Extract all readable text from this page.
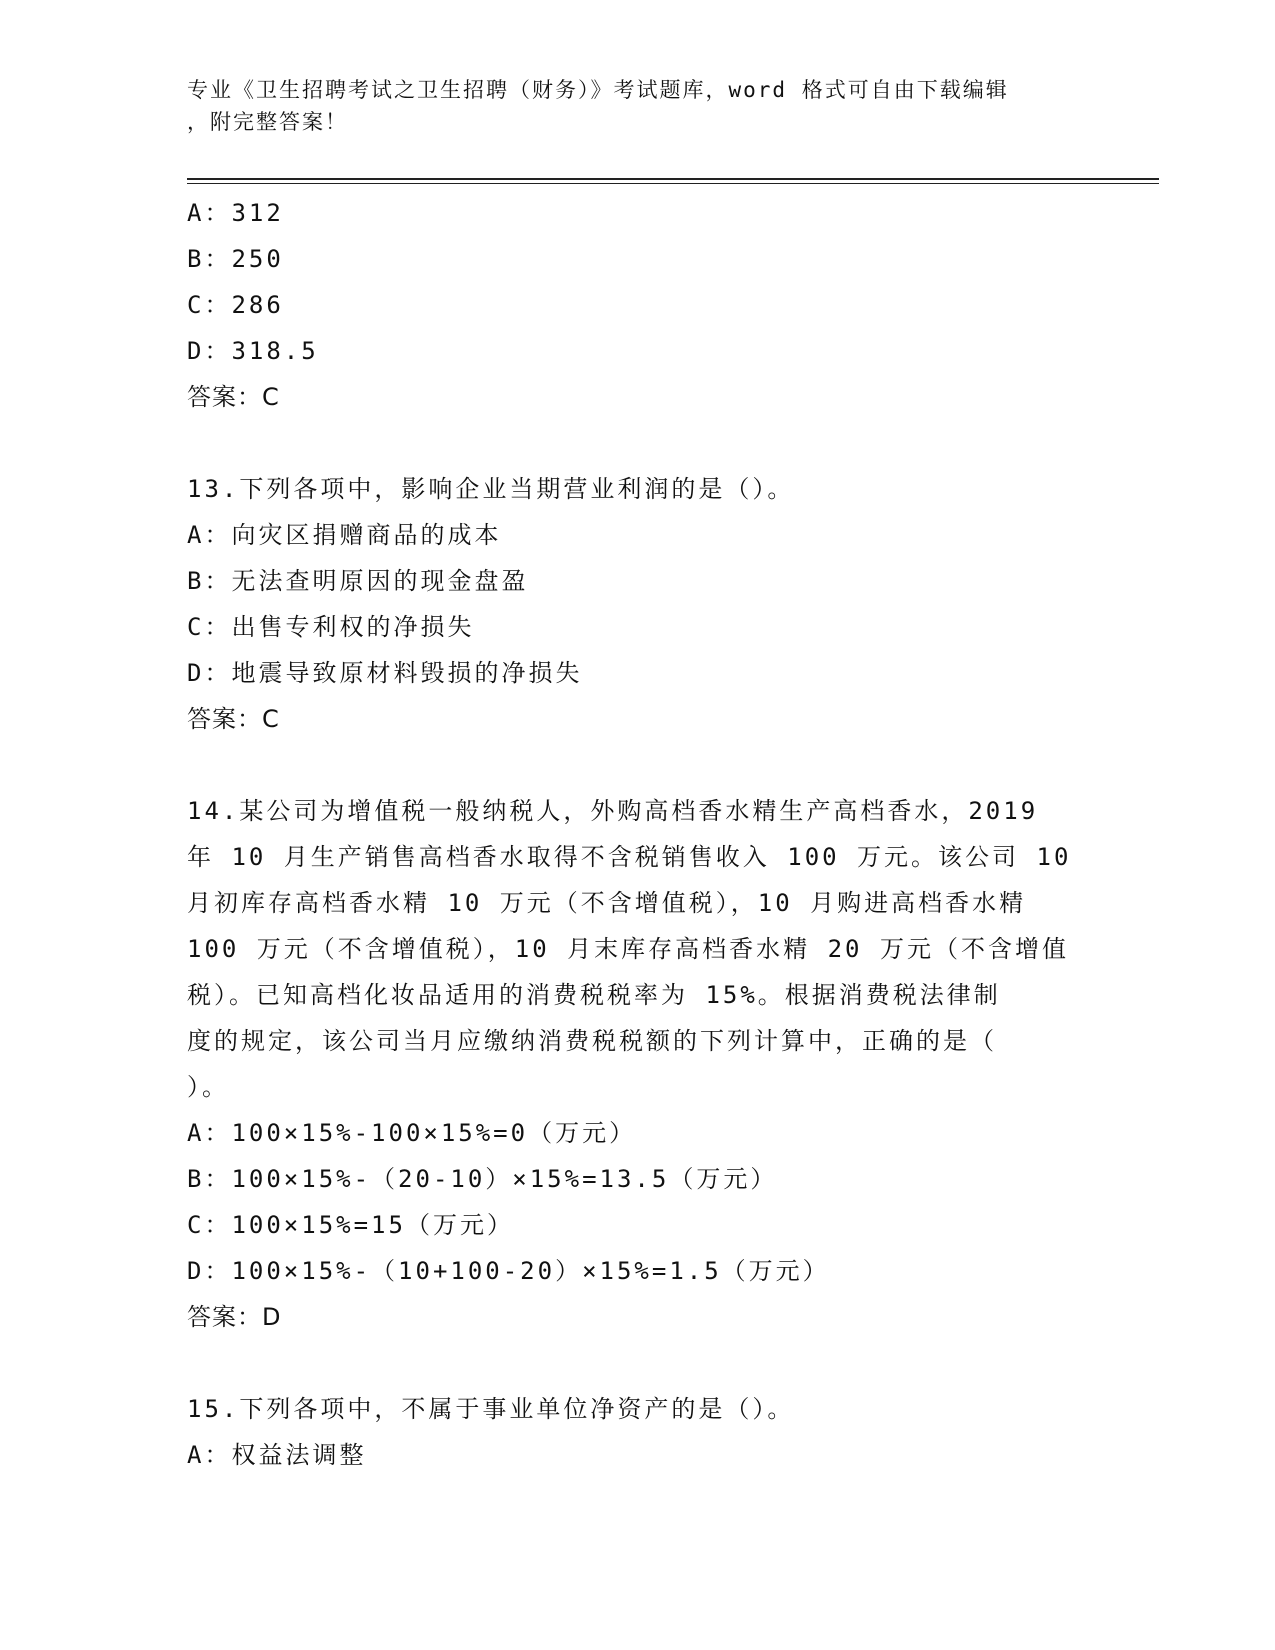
专业《卫生招聘考试之卫生招聘（财务）》考试题库，word 格式可自由下载编辑
，附完整答案！
A：312
B：250
C：286
D：318.5
答案：C
13.下列各项中，影响企业当期营业利润的是（）。
A：向灾区捐赠商品的成本
B：无法查明原因的现金盘盈
C：出售专利权的净损失
D：地震导致原材料毁损的净损失
答案：C
14.某公司为增值税一般纳税人，外购高档香水精生产高档香水，2019
年 10 月生产销售高档香水取得不含税销售收入 100 万元。该公司 10
月初库存高档香水精 10 万元（不含增值税），10 月购进高档香水精
100 万元（不含增值税），10 月末库存高档香水精 20 万元（不含增值
税）。已知高档化妆品适用的消费税税率为 15%。根据消费税法律制
度的规定，该公司当月应缴纳消费税税额的下列计算中，正确的是（
）。
A：100×15%-100×15%=0（万元）
B：100×15%-（20-10）×15%=13.5（万元）
C：100×15%=15（万元）
D：100×15%-（10+100-20）×15%=1.5（万元）
答案：D
15.下列各项中，不属于事业单位净资产的是（）。
A：权益法调整
